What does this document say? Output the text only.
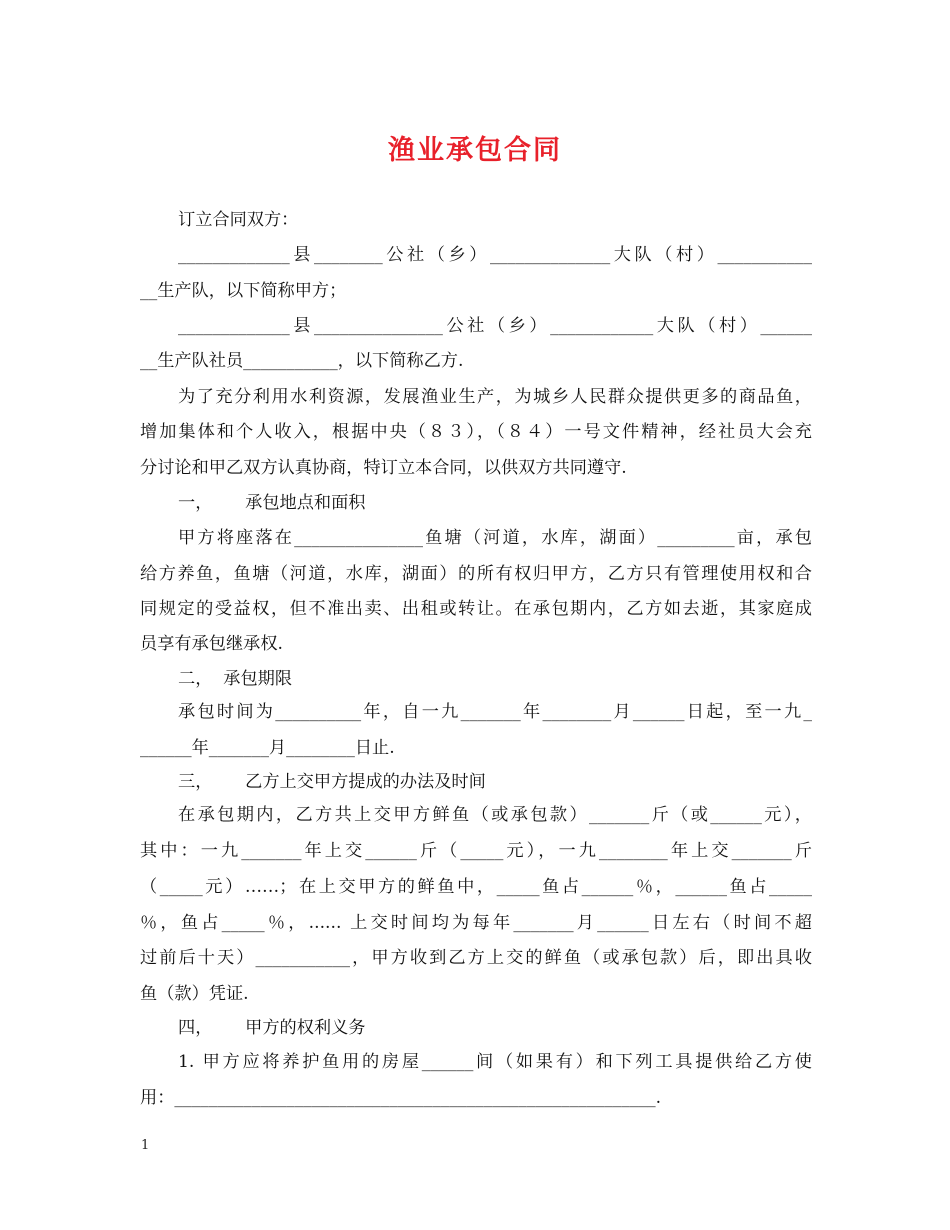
渔业承包合同
订立合同双方：
_____________县________公社（乡）______________大队（村）___________
__生产队，以下简称甲方；
_____________县_______________公社（乡）____________大队（村）______
__生产队社员___________，以下简称乙方.
为了充分利用水利资源，发展渔业生产，为城乡人民群众提供更多的商品鱼，
增加集体和个人收入，根据中央（８３），（８４）一号文件精神，经社员大会充
分讨论和甲乙双方认真协商，特订立本合同，以供双方共同遵守.
一，      承包地点和面积
甲方将座落在_______________鱼塘（河道，水库，湖面）_________亩，承包
给方养鱼，鱼塘（河道，水库，湖面）的所有权归甲方，乙方只有管理使用权和合
同规定的受益权，但不准出卖、出租或转让。在承包期内，乙方如去逝，其家庭成
员享有承包继承权.
二，  承包期限
承包时间为__________年，自一九_______年________月______日起，至一九_
______年_______月________日止.
三，      乙方上交甲方提成的办法及时间
在承包期内，乙方共上交甲方鲜鱼（或承包款）_______斤（或______元），
其中：一九_______年上交______斤（_____元），一九________年上交_______斤
（_____元）……；在上交甲方的鲜鱼中，_____鱼占______％，______鱼占_____
％，鱼占_____％，...... 上交时间均为每年_______月______日左右（时间不超
过前后十天）___________，甲方收到乙方上交的鲜鱼（或承包款）后，即出具收
鱼（款）凭证.
四，      甲方的权利义务
1. 甲方应将养护鱼用的房屋______间（如果有）和下列工具提供给乙方使
用：________________________________________________________.
1
